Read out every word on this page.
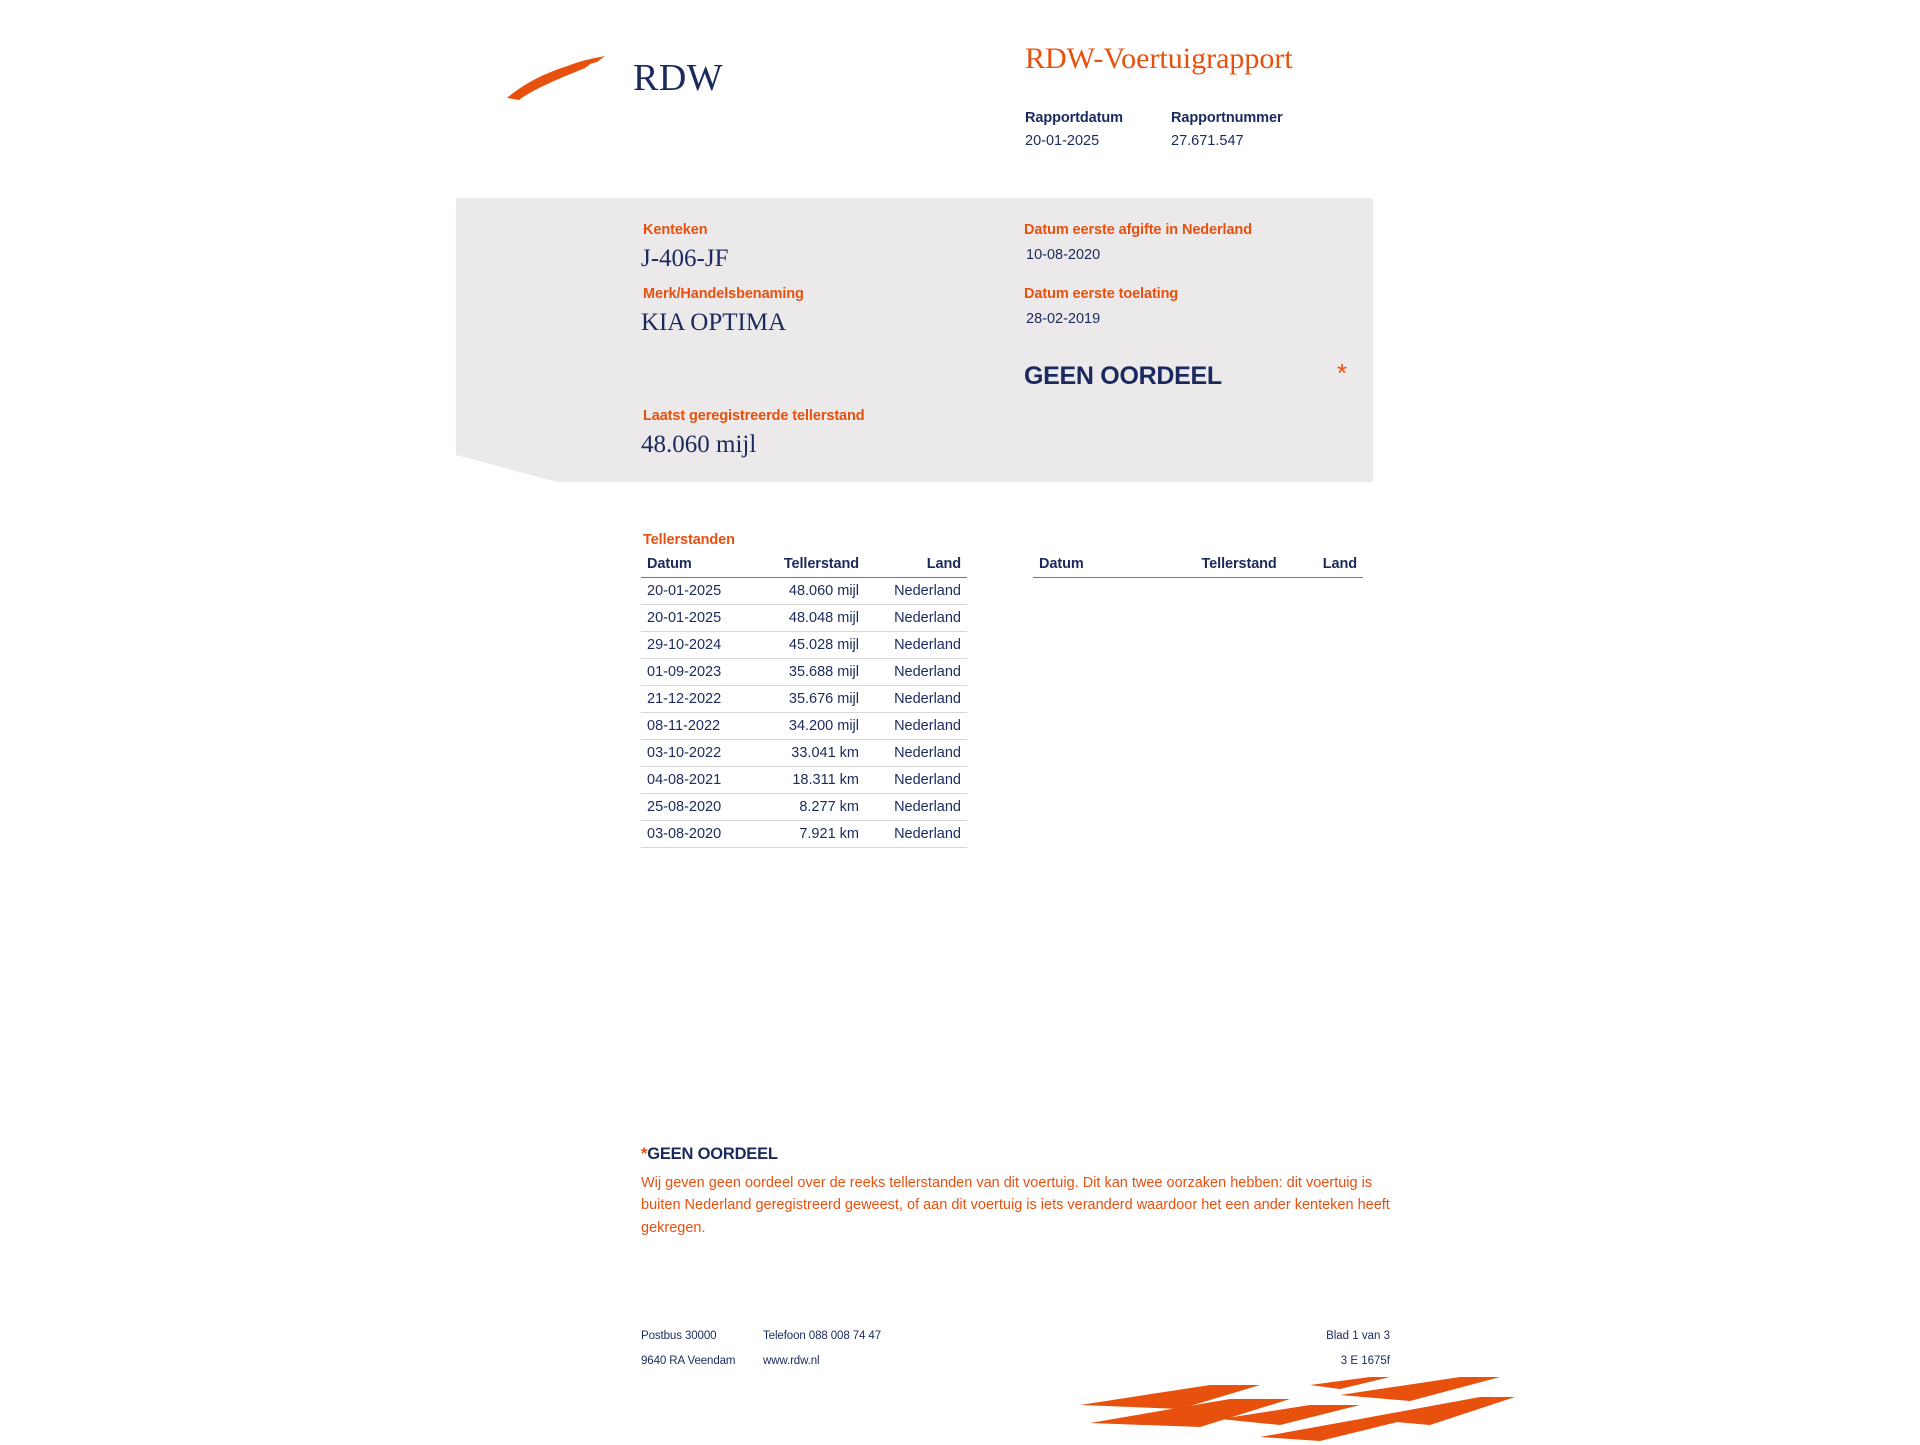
RDW	RDW-Voertuigrapport
Rapportdatum
20-01-2025
Rapportnummer
27.671.547
Kenteken
J-406-JF
Merk/Handelsbenaming
KIA OPTIMA
Laatst geregistreerde tellerstand
48.060 mijl
Datum eerste afgifte in Nederland
10-08-2020
Datum eerste toelating
28-02-2019
GEEN OORDEEL	*
Tellerstanden
Datum	Tellerstand	Land
20-01-2025	48.060 mijl	Nederland
20-01-2025	48.048 mijl	Nederland
29-10-2024	45.028 mijl	Nederland
01-09-2023	35.688 mijl	Nederland
21-12-2022	35.676 mijl	Nederland
08-11-2022	34.200 mijl	Nederland
03-10-2022	33.041 km	Nederland
04-08-2021	18.311 km	Nederland
25-08-2020	8.277 km	Nederland
03-08-2020	7.921 km	Nederland
Datum	Tellerstand	Land
*GEEN OORDEEL
Wij geven geen oordeel over de reeks tellerstanden van dit voertuig. Dit kan twee oorzaken hebben: dit voertuig is buiten Nederland geregistreerd geweest, of aan dit voertuig is iets veranderd waardoor het een ander kenteken heeft gekregen.
Postbus 30000	Telefoon 088 008 74 47
9640 RA Veendam	www.rdw.nl
Blad 1 van 3
3 E 1675f
